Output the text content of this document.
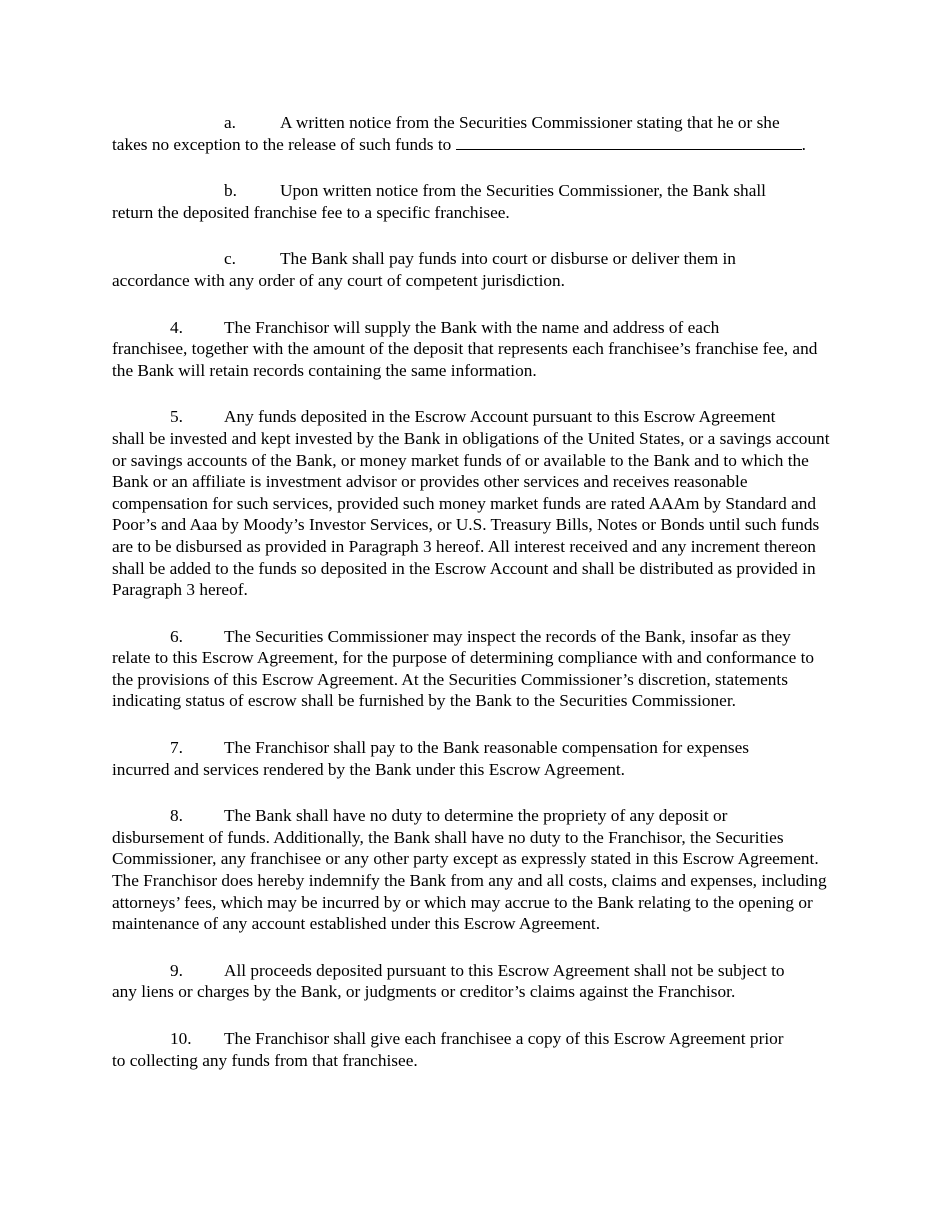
a.	A written notice from the Securities Commissioner stating that he or she
takes no exception to the release of such funds to	.

b. Upon written notice from the Securities Commissioner, the Bank shall
return the deposited franchise fee to a specific franchisee.

c.	The Bank shall pay funds into court or disburse or deliver them in
accordance with any order of any court of competent jurisdiction.

4. The Franchisor will supply the Bank with the name and address of each
franchisee, together with the amount of the deposit that represents each franchisee’s franchise fee, and the Bank will retain records containing the same information.

5. Any funds deposited in the Escrow Account pursuant to this Escrow Agreement
shall be invested and kept invested by the Bank in obligations of the United States, or a savings account or savings accounts of the Bank, or money market funds of or available to the Bank and to which the Bank or an affiliate is investment advisor or provides other services and receives reasonable compensation for such services, provided such money market funds are rated AAAm by Standard and Poor’s and Aaa by Moody’s Investor Services, or U.S. Treasury Bills, Notes or Bonds until such funds are to be disbursed as provided in Paragraph 3 hereof. All interest received and any increment thereon shall be added to the funds so deposited in the Escrow Account and shall be distributed as provided in Paragraph 3 hereof.

6. The Securities Commissioner may inspect the records of the Bank, insofar as they
relate to this Escrow Agreement, for the purpose of determining compliance with and conformance to the provisions of this Escrow Agreement. At the Securities Commissioner’s discretion, statements indicating status of escrow shall be furnished by the Bank to the Securities Commissioner.

7. The Franchisor shall pay to the Bank reasonable compensation for expenses
incurred and services rendered by the Bank under this Escrow Agreement.

8. The Bank shall have no duty to determine the propriety of any deposit or
disbursement of funds. Additionally, the Bank shall have no duty to the Franchisor, the Securities Commissioner, any franchisee or any other party except as expressly stated in this Escrow Agreement. The Franchisor does hereby indemnify the Bank from any and all costs, claims and expenses, including attorneys’ fees, which may be incurred by or which may accrue to the Bank relating to the opening or maintenance of any account established under this Escrow Agreement.

9. All proceeds deposited pursuant to this Escrow Agreement shall not be subject to
any liens or charges by the Bank, or judgments or creditor’s claims against the Franchisor.

10. The Franchisor shall give each franchisee a copy of this Escrow Agreement prior
to collecting any funds from that franchisee.
